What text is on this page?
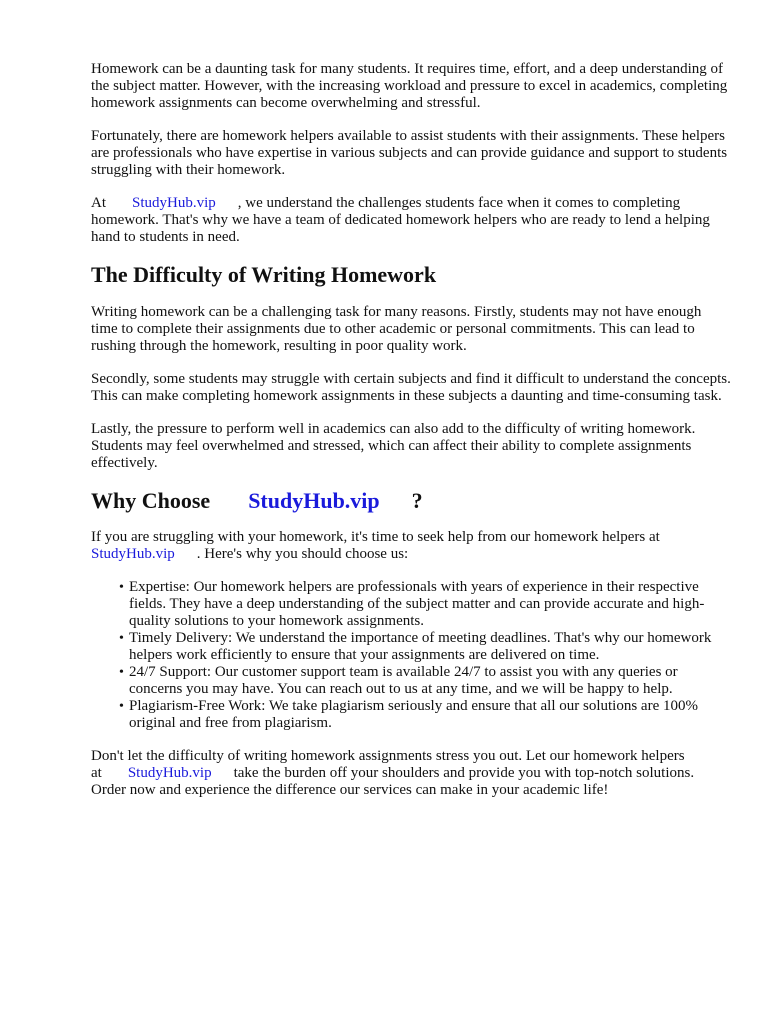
Homework can be a daunting task for many students. It requires time, effort, and a deep understanding of the subject matter. However, with the increasing workload and pressure to excel in academics, completing homework assignments can become overwhelming and stressful.

Fortunately, there are homework helpers available to assist students with their assignments. These helpers are professionals who have expertise in various subjects and can provide guidance and support to students struggling with their homework.

At StudyHub.vip , we understand the challenges students face when it comes to completing homework. That's why we have a team of dedicated homework helpers who are ready to lend a helping hand to students in need.

The Difficulty of Writing Homework

Writing homework can be a challenging task for many reasons. Firstly, students may not have enough time to complete their assignments due to other academic or personal commitments. This can lead to rushing through the homework, resulting in poor quality work.

Secondly, some students may struggle with certain subjects and find it difficult to understand the concepts. This can make completing homework assignments in these subjects a daunting and time-consuming task.

Lastly, the pressure to perform well in academics can also add to the difficulty of writing homework. Students may feel overwhelmed and stressed, which can affect their ability to complete assignments effectively.

Why Choose StudyHub.vip ?

If you are struggling with your homework, it's time to seek help from our homework helpers at
StudyHub.vip . Here's why you should choose us:

• Expertise: Our homework helpers are professionals with years of experience in their respective fields. They have a deep understanding of the subject matter and can provide accurate and high-quality solutions to your homework assignments.
• Timely Delivery: We understand the importance of meeting deadlines. That's why our homework helpers work efficiently to ensure that your assignments are delivered on time.
• 24/7 Support: Our customer support team is available 24/7 to assist you with any queries or concerns you may have. You can reach out to us at any time, and we will be happy to help.
• Plagiarism-Free Work: We take plagiarism seriously and ensure that all our solutions are 100% original and free from plagiarism.

Don't let the difficulty of writing homework assignments stress you out. Let our homework helpers at StudyHub.vip take the burden off your shoulders and provide you with top-notch solutions. Order now and experience the difference our services can make in your academic life!
